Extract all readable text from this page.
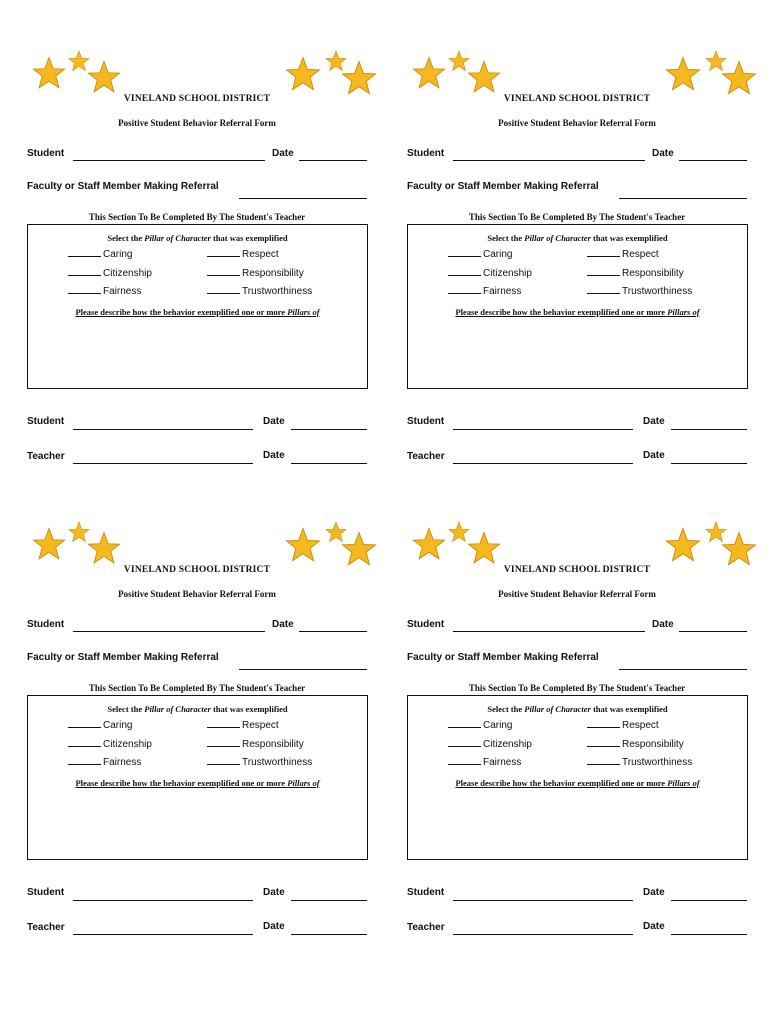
VINELAND SCHOOL DISTRICT
Positive Student Behavior Referral Form
Student	Date
Faculty or Staff Member Making Referral
This Section To Be Completed By The Student's Teacher
Select the Pillar of Character that was exemplified
Caring	Respect
Citizenship	Responsibility
Fairness	Trustworthiness
Please describe how the behavior exemplified one or more Pillars of
Student	Date
Teacher	Date
VINELAND SCHOOL DISTRICT
Positive Student Behavior Referral Form
Student	Date
Faculty or Staff Member Making Referral
This Section To Be Completed By The Student's Teacher
Select the Pillar of Character that was exemplified
Caring	Respect
Citizenship	Responsibility
Fairness	Trustworthiness
Please describe how the behavior exemplified one or more Pillars of
Student	Date
Teacher	Date
VINELAND SCHOOL DISTRICT
Positive Student Behavior Referral Form
Student	Date
Faculty or Staff Member Making Referral
This Section To Be Completed By The Student's Teacher
Select the Pillar of Character that was exemplified
Caring	Respect
Citizenship	Responsibility
Fairness	Trustworthiness
Please describe how the behavior exemplified one or more Pillars of
Student	Date
Teacher	Date
VINELAND SCHOOL DISTRICT
Positive Student Behavior Referral Form
Student	Date
Faculty or Staff Member Making Referral
This Section To Be Completed By The Student's Teacher
Select the Pillar of Character that was exemplified
Caring	Respect
Citizenship	Responsibility
Fairness	Trustworthiness
Please describe how the behavior exemplified one or more Pillars of
Student	Date
Teacher	Date
